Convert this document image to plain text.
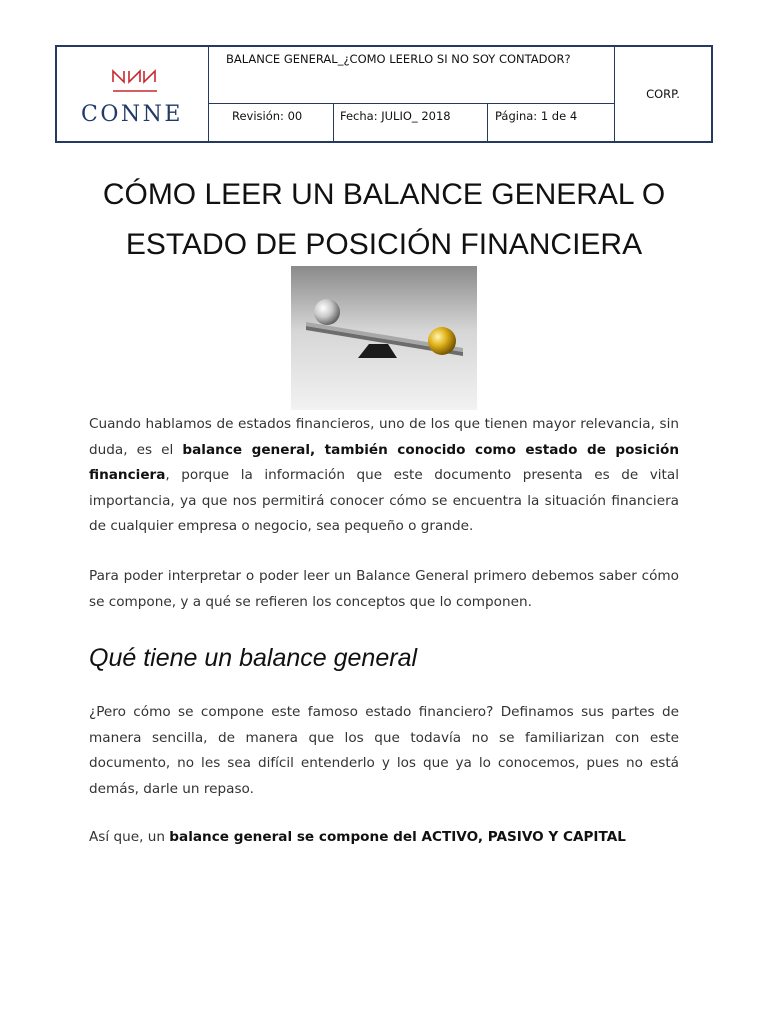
CONNE
BALANCE GENERAL_¿COMO LEERLO SI NO SOY CONTADOR?
CORP.
Revisión: 00	Fecha: JULIO_ 2018	Página: 1 de 4
CÓMO LEER UN BALANCE GENERAL O
ESTADO DE POSICIÓN FINANCIERA
Cuando hablamos de estados financieros, uno de los que tienen mayor relevancia, sin duda, es el balance general, también conocido como estado de posición financiera, porque la información que este documento presenta es de vital importancia, ya que nos permitirá conocer cómo se encuentra la situación financiera de cualquier empresa o negocio, sea pequeño o grande.
Para poder interpretar o poder leer un Balance General primero debemos saber cómo se compone, y a qué se refieren los conceptos que lo componen.
Qué tiene un balance general
¿Pero cómo se compone este famoso estado financiero? Definamos sus partes de manera sencilla, de manera que los que todavía no se familiarizan con este documento, no les sea difícil entenderlo y los que ya lo conocemos, pues no está demás, darle un repaso.
Así que, un balance general se compone del ACTIVO, PASIVO Y CAPITAL
